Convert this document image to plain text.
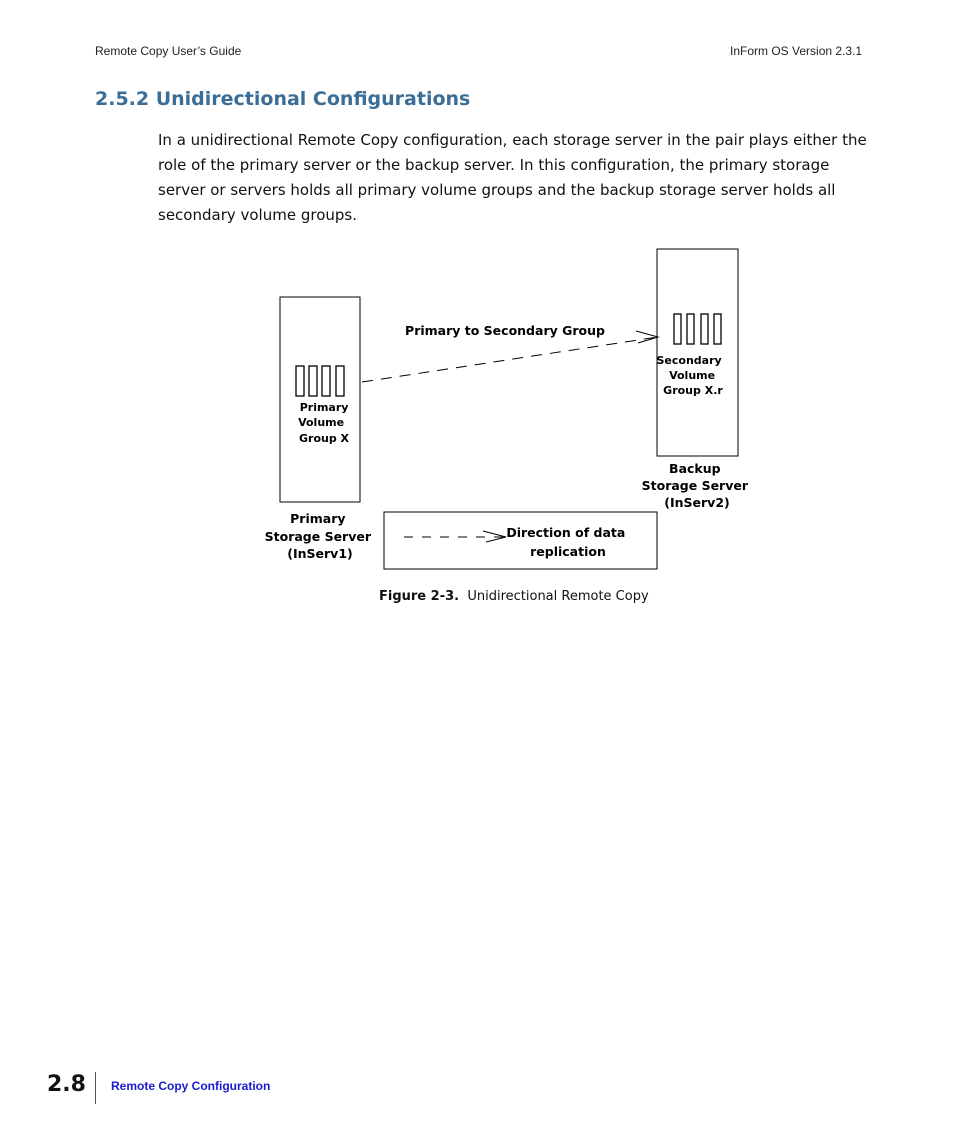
Remote Copy User’s Guide	InForm OS Version 2.3.1
2.5.2 Unidirectional Configurations

In a unidirectional Remote Copy configuration, each storage server in the pair plays either the role of the primary server or the backup server. In this configuration, the primary storage server or servers holds all primary volume groups and the backup storage server holds all secondary volume groups.

Primary Volume Group X
Secondary Volume Group X.r
Primary to Secondary Group
Primary Storage Server (InServ1)
Backup Storage Server (InServ2)
Direction of data replication
Figure 2-3. Unidirectional Remote Copy
2.8 Remote Copy Configuration
